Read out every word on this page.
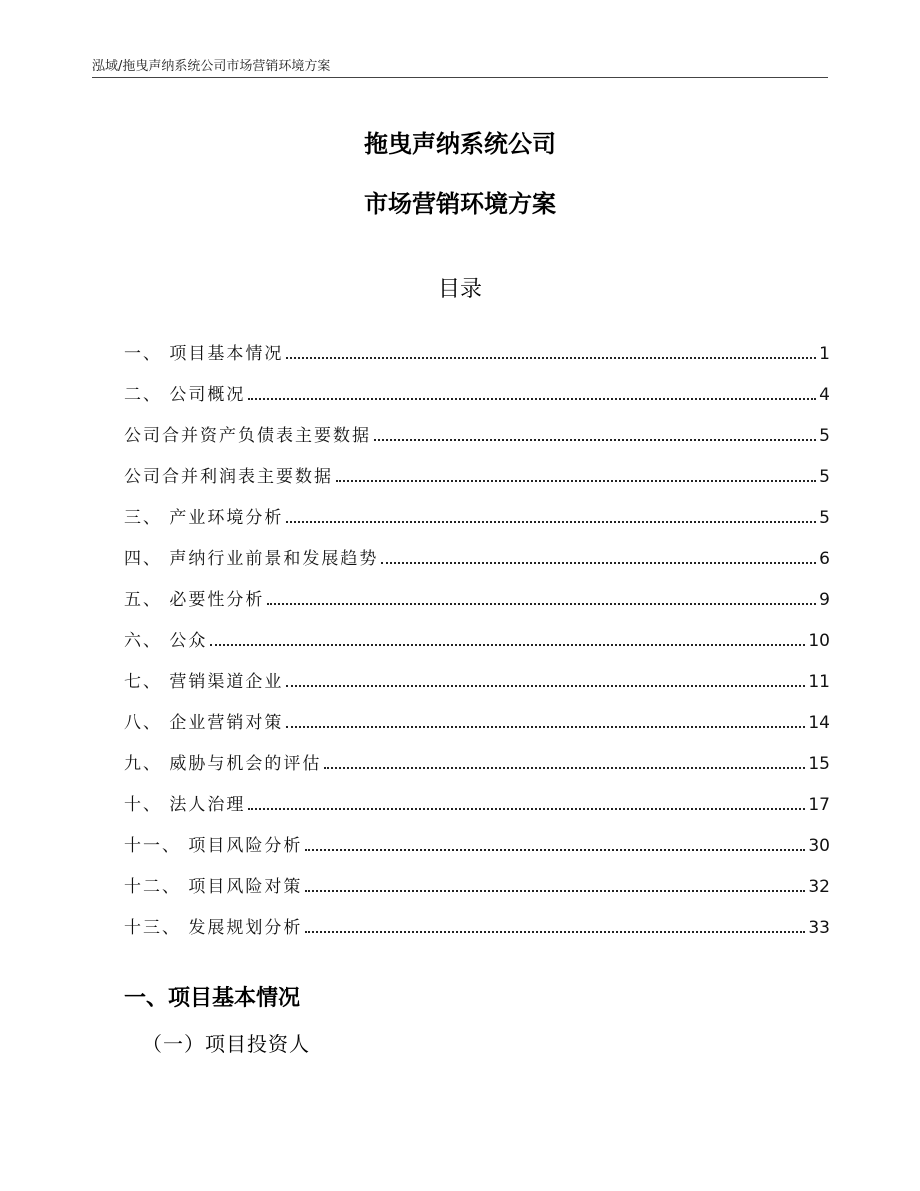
泓域/拖曳声纳系统公司市场营销环境方案
拖曳声纳系统公司
市场营销环境方案
目录
一、 项目基本情况	1
二、 公司概况	4
公司合并资产负债表主要数据	5
公司合并利润表主要数据	5
三、 产业环境分析	5
四、 声纳行业前景和发展趋势	6
五、 必要性分析	9
六、 公众	10
七、 营销渠道企业	11
八、 企业营销对策	14
九、 威胁与机会的评估	15
十、 法人治理	17
十一、 项目风险分析	30
十二、 项目风险对策	32
十三、 发展规划分析	33
一、项目基本情况
（一）项目投资人
